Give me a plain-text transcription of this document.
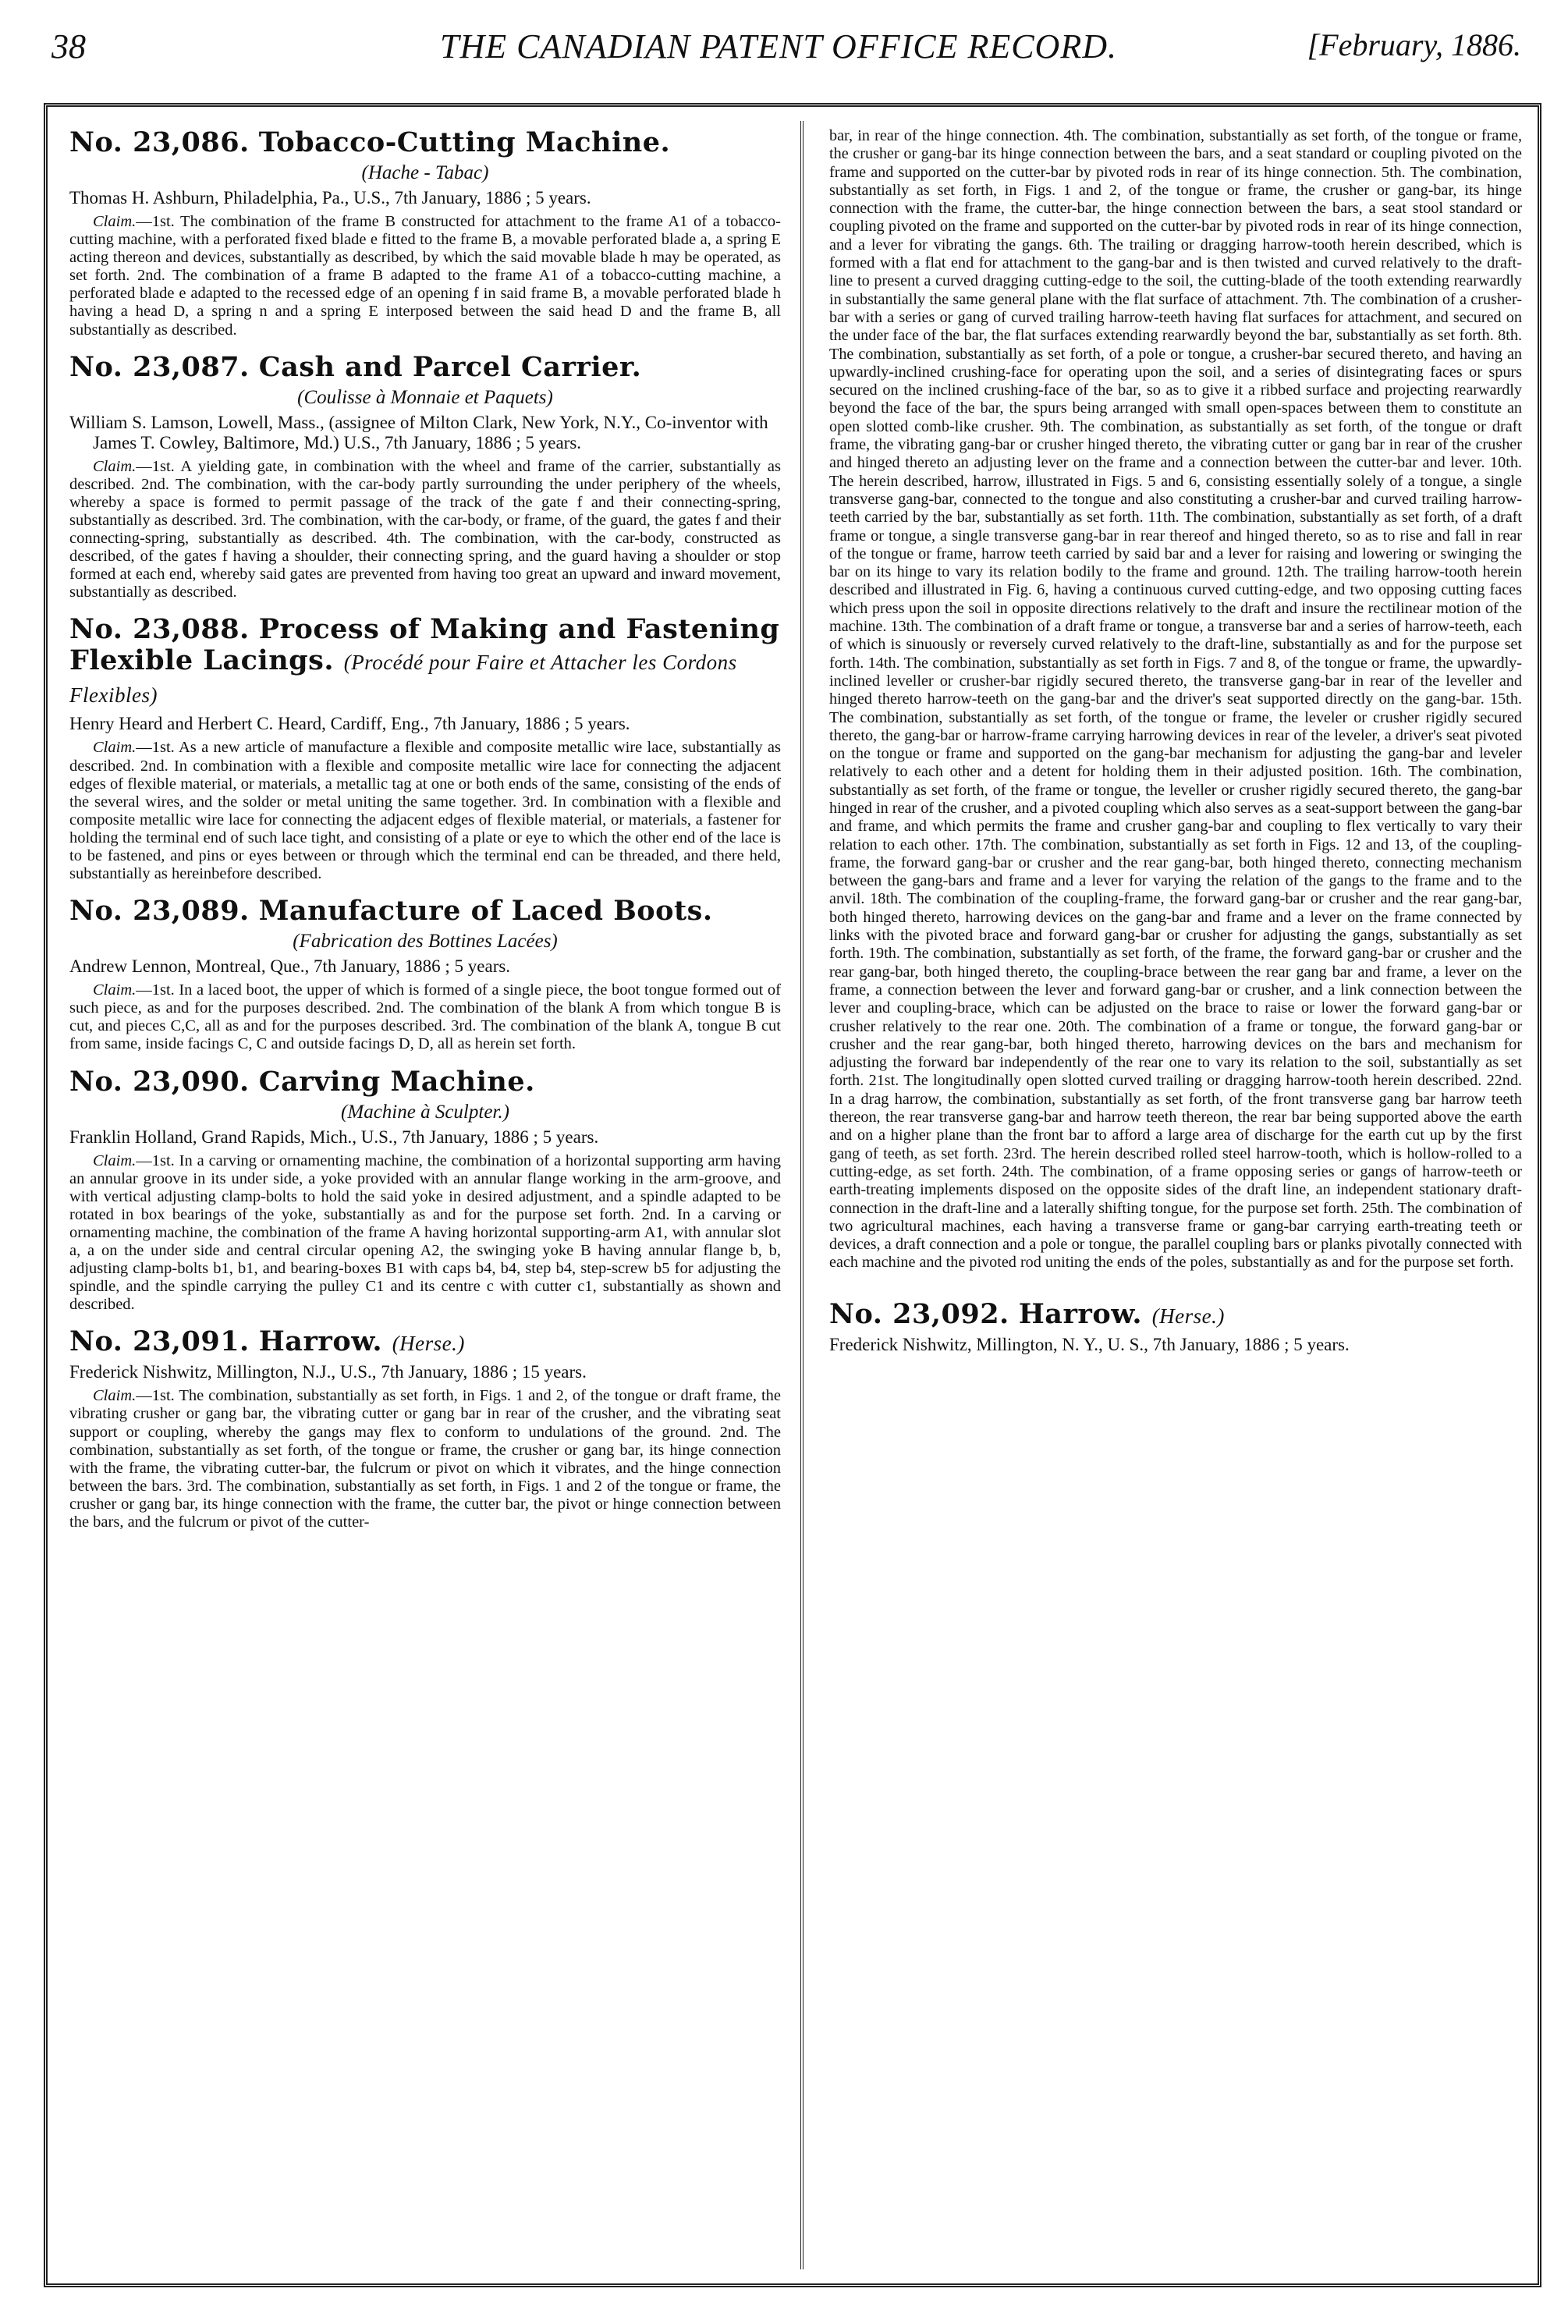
38	THE CANADIAN PATENT OFFICE RECORD.	[February, 1886.
No. 23,086. Tobacco-Cutting Machine.
(Hache - Tabac)
Thomas H. Ashburn, Philadelphia, Pa., U.S., 7th January, 1886 ; 5 years.

Claim.—1st. The combination of the frame B constructed for attachment to the frame A1 of a tobacco-cutting machine, with a perforated fixed blade e fitted to the frame B, a movable perforated blade a, a spring E acting thereon and devices, substantially as described, by which the said movable blade h may be operated, as set forth. 2nd. The combination of a frame B adapted to the frame A1 of a tobacco-cutting machine, a perforated blade e adapted to the recessed edge of an opening f in said frame B, a movable perforated blade h having a head D, a spring n and a spring E interposed between the said head D and the frame B, all substantially as described.

No. 23,087. Cash and Parcel Carrier.
(Coulisse à Monnaie et Paquets)
William S. Lamson, Lowell, Mass., (assignee of Milton Clark, New York, N.Y., Co-inventor with James T. Cowley, Baltimore, Md.) U.S., 7th January, 1886 ; 5 years.

Claim.—1st. A yielding gate, in combination with the wheel and frame of the carrier, substantially as described. 2nd. The combination, with the car-body partly surrounding the under periphery of the wheels, whereby a space is formed to permit passage of the track of the gate f and their connecting-spring, substantially as described. 3rd. The combination, with the car-body, or frame, of the guard, the gates f and their connecting-spring, substantially as described. 4th. The combination, with the car-body, constructed as described, of the gates f having a shoulder, their connecting spring, and the guard having a shoulder or stop formed at each end, whereby said gates are prevented from having too great an upward and inward movement, substantially as described.

No. 23,088. Process of Making and Fastening Flexible Lacings. (Procédé pour Faire et Attacher les Cordons Flexibles)
Henry Heard and Herbert C. Heard, Cardiff, Eng., 7th January, 1886 ; 5 years.

Claim.—1st. As a new article of manufacture a flexible and composite metallic wire lace, substantially as described. 2nd. In combination with a flexible and composite metallic wire lace for connecting the adjacent edges of flexible material, or materials, a metallic tag at one or both ends of the same, consisting of the ends of the several wires, and the solder or metal uniting the same together. 3rd. In combination with a flexible and composite metallic wire lace for connecting the adjacent edges of flexible material, or materials, a fastener for holding the terminal end of such lace tight, and consisting of a plate or eye to which the other end of the lace is to be fastened, and pins or eyes between or through which the terminal end can be threaded, and there held, substantially as hereinbefore described.

No. 23,089. Manufacture of Laced Boots.
(Fabrication des Bottines Lacées)
Andrew Lennon, Montreal, Que., 7th January, 1886 ; 5 years.

Claim.—1st. In a laced boot, the upper of which is formed of a single piece, the boot tongue formed out of such piece, as and for the purposes described. 2nd. The combination of the blank A from which tongue B is cut, and pieces C,C, all as and for the purposes described. 3rd. The combination of the blank A, tongue B cut from same, inside facings C, C and outside facings D, D, all as herein set forth.

No. 23,090. Carving Machine.
(Machine à Sculpter.)
Franklin Holland, Grand Rapids, Mich., U.S., 7th January, 1886 ; 5 years.

Claim.—1st. In a carving or ornamenting machine, the combination of a horizontal supporting arm having an annular groove in its under side, a yoke provided with an annular flange working in the arm-groove, and with vertical adjusting clamp-bolts to hold the said yoke in desired adjustment, and a spindle adapted to be rotated in box bearings of the yoke, substantially as and for the purpose set forth. 2nd. In a carving or ornamenting machine, the combination of the frame A having horizontal supporting-arm A1, with annular slot a, a on the under side and central circular opening A2, the swinging yoke B having annular flange b, b, adjusting clamp-bolts b1, b1, and bearing-boxes B1 with caps b4, b4, step b4, step-screw b5 for adjusting the spindle, and the spindle carrying the pulley C1 and its centre c with cutter c1, substantially as shown and described.

No. 23,091. Harrow. (Herse.)
Frederick Nishwitz, Millington, N.J., U.S., 7th January, 1886 ; 15 years.

Claim.—1st. The combination, substantially as set forth, in Figs. 1 and 2, of the tongue or draft frame, the vibrating crusher or gang bar, the vibrating cutter or gang bar in rear of the crusher, and the vibrating seat support or coupling, whereby the gangs may flex to conform to undulations of the ground. 2nd. The combination, substantially as set forth, of the tongue or frame, the crusher or gang bar, its hinge connection with the frame, the vibrating cutter-bar, the fulcrum or pivot on which it vibrates, and the hinge connection between the bars. 3rd. The combination, substantially as set forth, in Figs. 1 and 2 of the tongue or frame, the crusher or gang bar, its hinge connection with the frame, the cutter bar, the pivot or hinge connection between the bars, and the fulcrum or pivot of the cutter-

bar, in rear of the hinge connection. 4th. The combination, substantially as set forth, of the tongue or frame, the crusher or gang-bar its hinge connection between the bars, and a seat standard or coupling pivoted on the frame and supported on the cutter-bar by pivoted rods in rear of its hinge connection. 5th. The combination, substantially as set forth, in Figs. 1 and 2, of the tongue or frame, the crusher or gang-bar, its hinge connection with the frame, the cutter-bar, the hinge connection between the bars, a seat stool standard or coupling pivoted on the frame and supported on the cutter-bar by pivoted rods in rear of its hinge connection, and a lever for vibrating the gangs. 6th. The trailing or dragging harrow-tooth herein described, which is formed with a flat end for attachment to the gang-bar and is then twisted and curved relatively to the draft-line to present a curved dragging cutting-edge to the soil, the cutting-blade of the tooth extending rearwardly in substantially the same general plane with the flat surface of attachment. 7th. The combination of a crusher-bar with a series or gang of curved trailing harrow-teeth having flat surfaces for attachment, and secured on the under face of the bar, the flat surfaces extending rearwardly beyond the bar, substantially as set forth. 8th. The combination, substantially as set forth, of a pole or tongue, a crusher-bar secured thereto, and having an upwardly-inclined crushing-face for operating upon the soil, and a series of disintegrating faces or spurs secured on the inclined crushing-face of the bar, so as to give it a ribbed surface and projecting rearwardly beyond the face of the bar, the spurs being arranged with small open-spaces between them to constitute an open slotted comb-like crusher. 9th. The combination, as substantially as set forth, of the tongue or draft frame, the vibrating gang-bar or crusher hinged thereto, the vibrating cutter or gang bar in rear of the crusher and hinged thereto an adjusting lever on the frame and a connection between the cutter-bar and lever. 10th. The herein described, harrow, illustrated in Figs. 5 and 6, consisting essentially solely of a tongue, a single transverse gang-bar, connected to the tongue and also constituting a crusher-bar and curved trailing harrow-teeth carried by the bar, substantially as set forth. 11th. The combination, substantially as set forth, of a draft frame or tongue, a single transverse gang-bar in rear thereof and hinged thereto, so as to rise and fall in rear of the tongue or frame, harrow teeth carried by said bar and a lever for raising and lowering or swinging the bar on its hinge to vary its relation bodily to the frame and ground. 12th. The trailing harrow-tooth herein described and illustrated in Fig. 6, having a continuous curved cutting-edge, and two opposing cutting faces which press upon the soil in opposite directions relatively to the draft and insure the rectilinear motion of the machine. 13th. The combination of a draft frame or tongue, a transverse bar and a series of harrow-teeth, each of which is sinuously or reversely curved relatively to the draft-line, substantially as and for the purpose set forth. 14th. The combination, substantially as set forth in Figs. 7 and 8, of the tongue or frame, the upwardly-inclined leveller or crusher-bar rigidly secured thereto, the transverse gang-bar in rear of the leveller and hinged thereto harrow-teeth on the gang-bar and the driver's seat supported directly on the gang-bar. 15th. The combination, substantially as set forth, of the tongue or frame, the leveler or crusher rigidly secured thereto, the gang-bar or harrow-frame carrying harrowing devices in rear of the leveler, a driver's seat pivoted on the tongue or frame and supported on the gang-bar mechanism for adjusting the gang-bar and leveler relatively to each other and a detent for holding them in their adjusted position. 16th. The combination, substantially as set forth, of the frame or tongue, the leveller or crusher rigidly secured thereto, the gang-bar hinged in rear of the crusher, and a pivoted coupling which also serves as a seat-support between the gang-bar and frame, and which permits the frame and crusher gang-bar and coupling to flex vertically to vary their relation to each other. 17th. The combination, substantially as set forth in Figs. 12 and 13, of the coupling-frame, the forward gang-bar or crusher and the rear gang-bar, both hinged thereto, connecting mechanism between the gang-bars and frame and a lever for varying the relation of the gangs to the frame and to the anvil. 18th. The combination of the coupling-frame, the forward gang-bar or crusher and the rear gang-bar, both hinged thereto, harrowing devices on the gang-bar and frame and a lever on the frame connected by links with the pivoted brace and forward gang-bar or crusher for adjusting the gangs, substantially as set forth. 19th. The combination, substantially as set forth, of the frame, the forward gang-bar or crusher and the rear gang-bar, both hinged thereto, the coupling-brace between the rear gang bar and frame, a lever on the frame, a connection between the lever and forward gang-bar or crusher, and a link connection between the lever and coupling-brace, which can be adjusted on the brace to raise or lower the forward gang-bar or crusher relatively to the rear one. 20th. The combination of a frame or tongue, the forward gang-bar or crusher and the rear gang-bar, both hinged thereto, harrowing devices on the bars and mechanism for adjusting the forward bar independently of the rear one to vary its relation to the soil, substantially as set forth. 21st. The longitudinally open slotted curved trailing or dragging harrow-tooth herein described. 22nd. In a drag harrow, the combination, substantially as set forth, of the front transverse gang bar harrow teeth thereon, the rear transverse gang-bar and harrow teeth thereon, the rear bar being supported above the earth and on a higher plane than the front bar to afford a large area of discharge for the earth cut up by the first gang of teeth, as set forth. 23rd. The herein described rolled steel harrow-tooth, which is hollow-rolled to a cutting-edge, as set forth. 24th. The combination, of a frame opposing series or gangs of harrow-teeth or earth-treating implements disposed on the opposite sides of the draft line, an independent stationary draft-connection in the draft-line and a laterally shifting tongue, for the purpose set forth. 25th. The combination of two agricultural machines, each having a transverse frame or gang-bar carrying earth-treating teeth or devices, a draft connection and a pole or tongue, the parallel coupling bars or planks pivotally connected with each machine and the pivoted rod uniting the ends of the poles, substantially as and for the purpose set forth.

No. 23,092. Harrow. (Herse.)
Frederick Nishwitz, Millington, N. Y., U. S., 7th January, 1886 ; 5 years.
